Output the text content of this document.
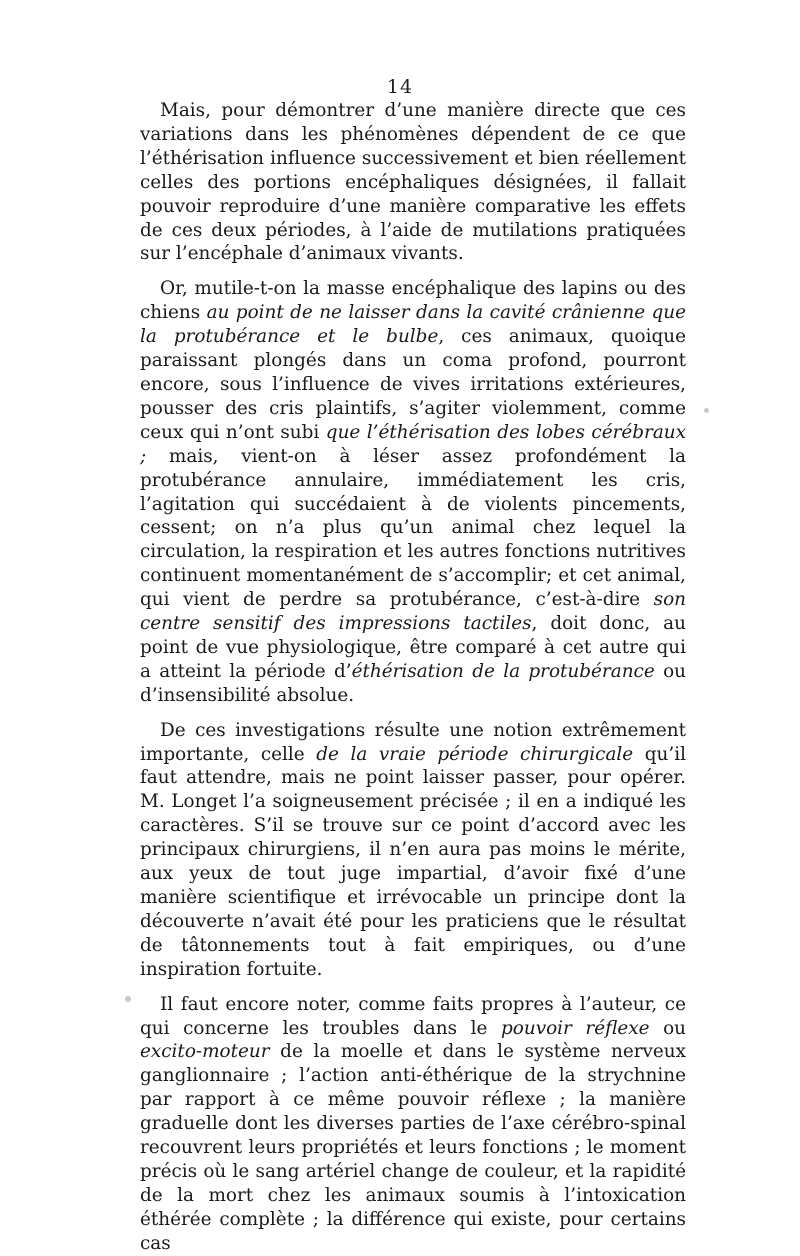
14

Mais, pour démontrer d’une manière directe que ces variations dans les phénomènes dépendent de ce que l’éthérisation influence successivement et bien réellement celles des portions encéphaliques désignées, il fallait pouvoir reproduire d’une manière comparative les effets de ces deux périodes, à l’aide de mutilations pratiquées sur l’encéphale d’animaux vivants.

Or, mutile-t-on la masse encéphalique des lapins ou des chiens au point de ne laisser dans la cavité crânienne que la protubérance et le bulbe, ces animaux, quoique paraissant plongés dans un coma profond, pourront encore, sous l’influence de vives irritations extérieures, pousser des cris plaintifs, s’agiter violemment, comme ceux qui n’ont subi que l’éthérisation des lobes cérébraux ; mais, vient-on à léser assez profondément la protubérance annulaire, immédiatement les cris, l’agitation qui succédaient à de violents pincements, cessent; on n’a plus qu’un animal chez lequel la circulation, la respiration et les autres fonctions nutritives continuent momentanément de s’accomplir; et cet animal, qui vient de perdre sa protubérance, c’est-à-dire son centre sensitif des impressions tactiles, doit donc, au point de vue physiologique, être comparé à cet autre qui a atteint la période d’éthérisation de la protubérance ou d’insensibilité absolue.

De ces investigations résulte une notion extrêmement importante, celle de la vraie période chirurgicale qu’il faut attendre, mais ne point laisser passer, pour opérer. M. Longet l’a soigneusement précisée ; il en a indiqué les caractères. S’il se trouve sur ce point d’accord avec les principaux chirurgiens, il n’en aura pas moins le mérite, aux yeux de tout juge impartial, d’avoir fixé d’une manière scientifique et irrévocable un principe dont la découverte n’avait été pour les praticiens que le résultat de tâtonnements tout à fait empiriques, ou d’une inspiration fortuite.

Il faut encore noter, comme faits propres à l’auteur, ce qui concerne les troubles dans le pouvoir réflexe ou excito-moteur de la moelle et dans le système nerveux ganglionnaire ; l’action anti-éthérique de la strychnine par rapport à ce même pouvoir réflexe ; la manière graduelle dont les diverses parties de l’axe cérébro-spinal recouvrent leurs propriétés et leurs fonctions ; le moment précis où le sang artériel change de couleur, et la rapidité de la mort chez les animaux soumis à l’intoxication éthérée complète ; la différence qui existe, pour certains cas
